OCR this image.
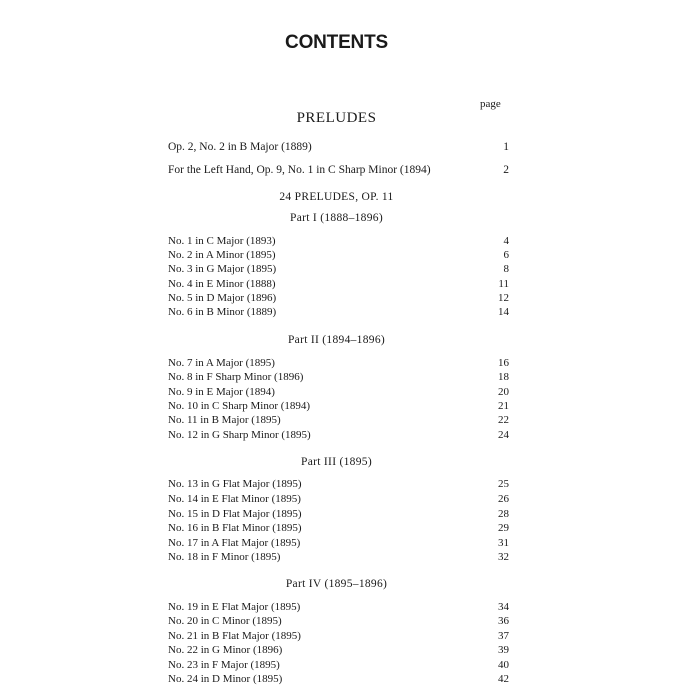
CONTENTS
page
PRELUDES
Op. 2, No. 2 in B Major (1889)	1
For the Left Hand, Op. 9, No. 1 in C Sharp Minor (1894)	2
24 PRELUDES, OP. 11
Part I (1888–1896)
No. 1 in C Major (1893)	4
No. 2 in A Minor (1895)	6
No. 3 in G Major (1895)	8
No. 4 in E Minor (1888)	11
No. 5 in D Major (1896)	12
No. 6 in B Minor (1889)	14
Part II (1894–1896)
No. 7 in A Major (1895)	16
No. 8 in F Sharp Minor (1896)	18
No. 9 in E Major (1894)	20
No. 10 in C Sharp Minor (1894)	21
No. 11 in B Major (1895)	22
No. 12 in G Sharp Minor (1895)	24
Part III (1895)
No. 13 in G Flat Major (1895)	25
No. 14 in E Flat Minor (1895)	26
No. 15 in D Flat Major (1895)	28
No. 16 in B Flat Minor (1895)	29
No. 17 in A Flat Major (1895)	31
No. 18 in F Minor (1895)	32
Part IV (1895–1896)
No. 19 in E Flat Major (1895)	34
No. 20 in C Minor (1895)	36
No. 21 in B Flat Major (1895)	37
No. 22 in G Minor (1896)	39
No. 23 in F Major (1895)	40
No. 24 in D Minor (1895)	42
